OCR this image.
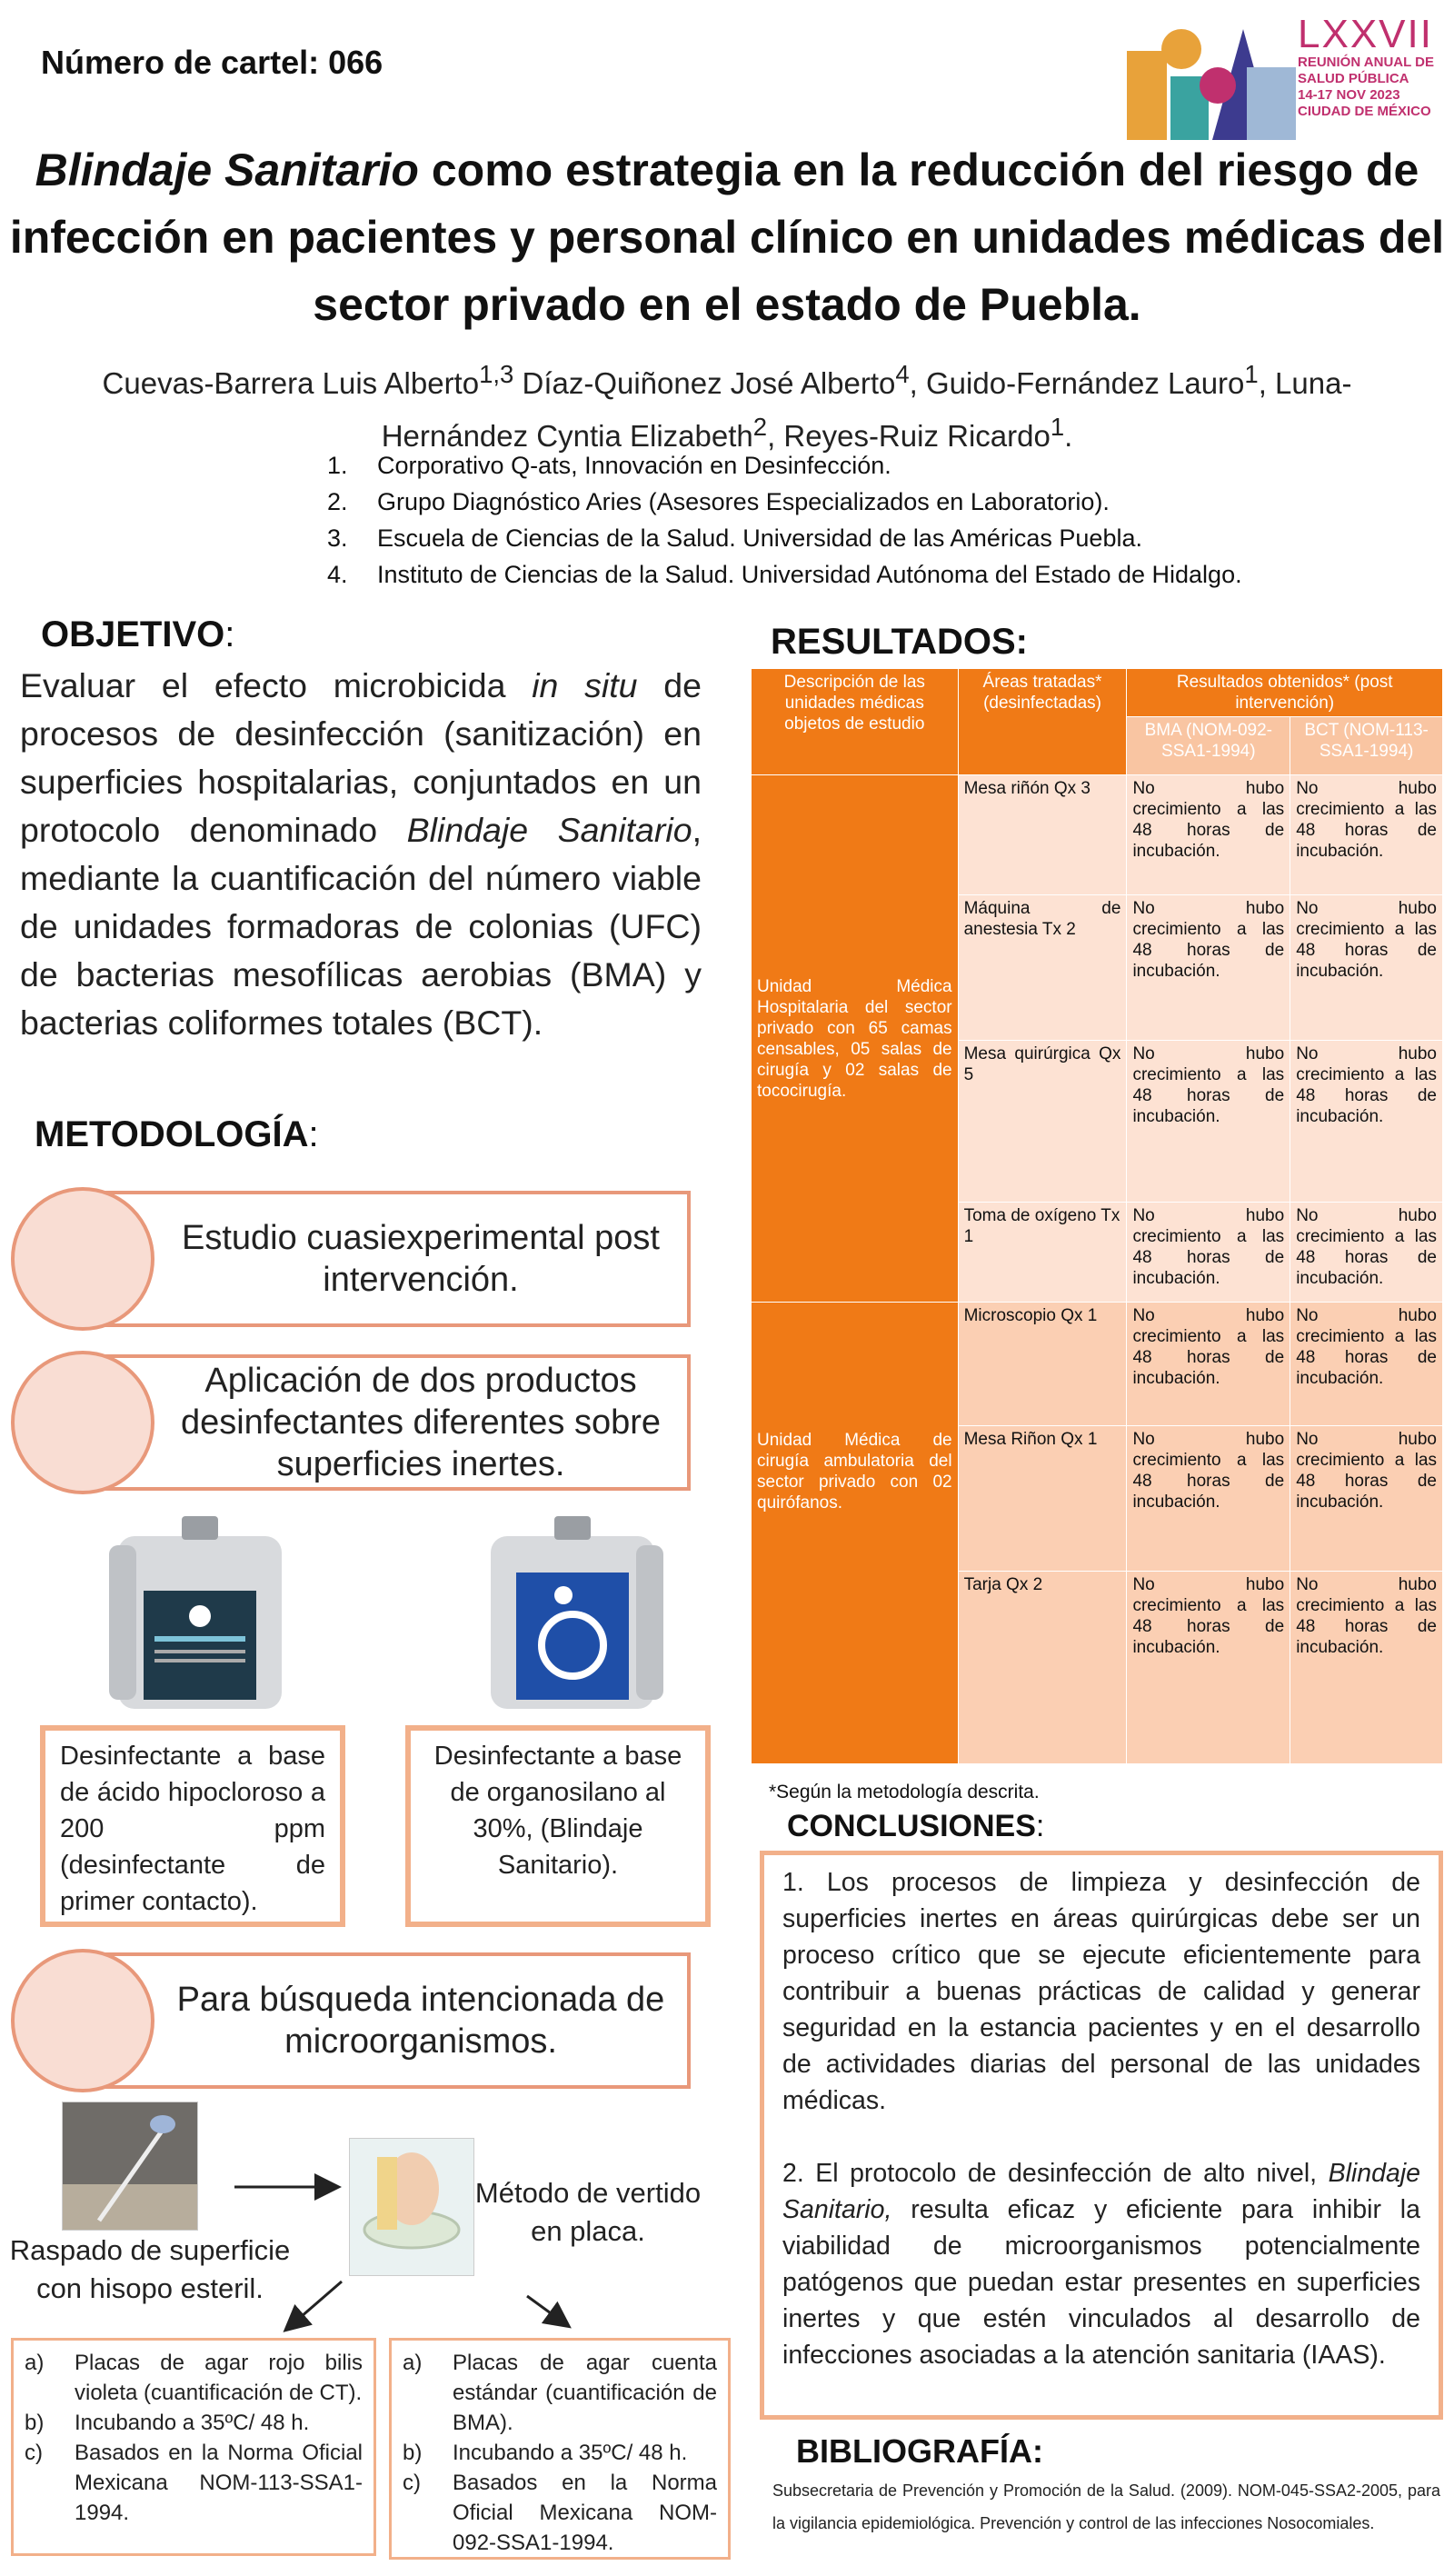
Número de cartel: 066
LXXVII
REUNIÓN ANUAL DE
SALUD PÚBLICA
14-17 NOV 2023
CIUDAD DE MÉXICO
Blindaje Sanitario como estrategia en la reducción del riesgo de infección en pacientes y personal clínico en unidades médicas del sector privado en el estado de Puebla.
Cuevas-Barrera Luis Alberto$^{1,3}$ Díaz-Quiñonez José Alberto$^4$, Guido-Fernández Lauro$^1$, Luna-Hernández Cyntia Elizabeth$^2$, Reyes-Ruiz Ricardo$^1$.
1.	Corporativo Q-ats, Innovación en Desinfección.
2.	Grupo Diagnóstico Aries (Asesores Especializados en Laboratorio).
3.	Escuela de Ciencias de la Salud. Universidad de las Américas Puebla.
4.	Instituto de Ciencias de la Salud. Universidad Autónoma del Estado de Hidalgo.
OBJETIVO:
Evaluar el efecto microbicida in situ de procesos de desinfección (sanitización) en superficies hospitalarias, conjuntados en un protocolo denominado Blindaje Sanitario, mediante la cuantificación del número viable de unidades formadoras de colonias (UFC) de bacterias mesofílicas aerobias (BMA) y bacterias coliformes totales (BCT).
METODOLOGÍA:
Estudio cuasiexperimental post intervención.
Aplicación de dos productos desinfectantes diferentes sobre superficies inertes.
Desinfectante a base de ácido hipocloroso a 200 ppm (desinfectante de primer contacto).
Desinfectante a base de organosilano al 30%, (Blindaje Sanitario).
Para búsqueda intencionada de microorganismos.
Raspado de superficie con hisopo esteril.
Método de vertido en placa.
a)	Placas de agar rojo bilis violeta (cuantificación de CT).
b)	Incubando a 35ºC/ 48 h.
c)	Basados en la Norma Oficial Mexicana NOM-113-SSA1-1994.
a)	Placas de agar cuenta estándar (cuantificación de BMA).
b)	Incubando a 35ºC/ 48 h.
c)	Basados en la Norma Oficial Mexicana NOM-092-SSA1-1994.
RESULTADOS:
Descripción de las unidades médicas objetos de estudio	Áreas tratadas* (desinfectadas)	Resultados obtenidos* (post intervención)	
		BMA (NOM-092-SSA1-1994)	BCT (NOM-113-SSA1-1994)
Unidad Médica Hospitalaria del sector privado con 65 camas censables, 05 salas de cirugía y 02 salas de tococirugía.	Mesa riñón Qx 3	No hubo crecimiento a las 48 horas de incubación.	No hubo crecimiento a las 48 horas de incubación.
	Máquina de anestesia Tx 2	No hubo crecimiento a las 48 horas de incubación.	No hubo crecimiento a las 48 horas de incubación.
	Mesa quirúrgica Qx 5	No hubo crecimiento a las 48 horas de incubación.	No hubo crecimiento a las 48 horas de incubación.
	Toma de oxígeno Tx 1	No hubo crecimiento a las 48 horas de incubación.	No hubo crecimiento a las 48 horas de incubación.
Unidad Médica de cirugía ambulatoria del sector privado con 02 quirófanos.	Microscopio Qx 1	No hubo crecimiento a las 48 horas de incubación.	No hubo crecimiento a las 48 horas de incubación.
	Mesa Riñon Qx 1	No hubo crecimiento a las 48 horas de incubación.	No hubo crecimiento a las 48 horas de incubación.
	Tarja Qx 2	No hubo crecimiento a las 48 horas de incubación.	No hubo crecimiento a las 48 horas de incubación.
*Según la metodología descrita.
CONCLUSIONES:

1. Los procesos de limpieza y desinfección de superficies inertes en áreas quirúrgicas debe ser un proceso crítico que se ejecute eficientemente para contribuir a buenas prácticas de calidad y generar seguridad en la estancia pacientes y en el desarrollo de actividades diarias del personal de las unidades médicas.

2. El protocolo de desinfección de alto nivel, Blindaje Sanitario, resulta eficaz y eficiente para inhibir la viabilidad de microorganismos potencialmente patógenos que puedan estar presentes en superficies inertes y que estén vinculados al desarrollo de infecciones asociadas a la atención sanitaria (IAAS).

BIBLIOGRAFÍA:
Subsecretaria de Prevención y Promoción de la Salud. (2009). NOM-045-SSA2-2005, para la vigilancia epidemiológica. Prevención y control de las infecciones Nosocomiales.
